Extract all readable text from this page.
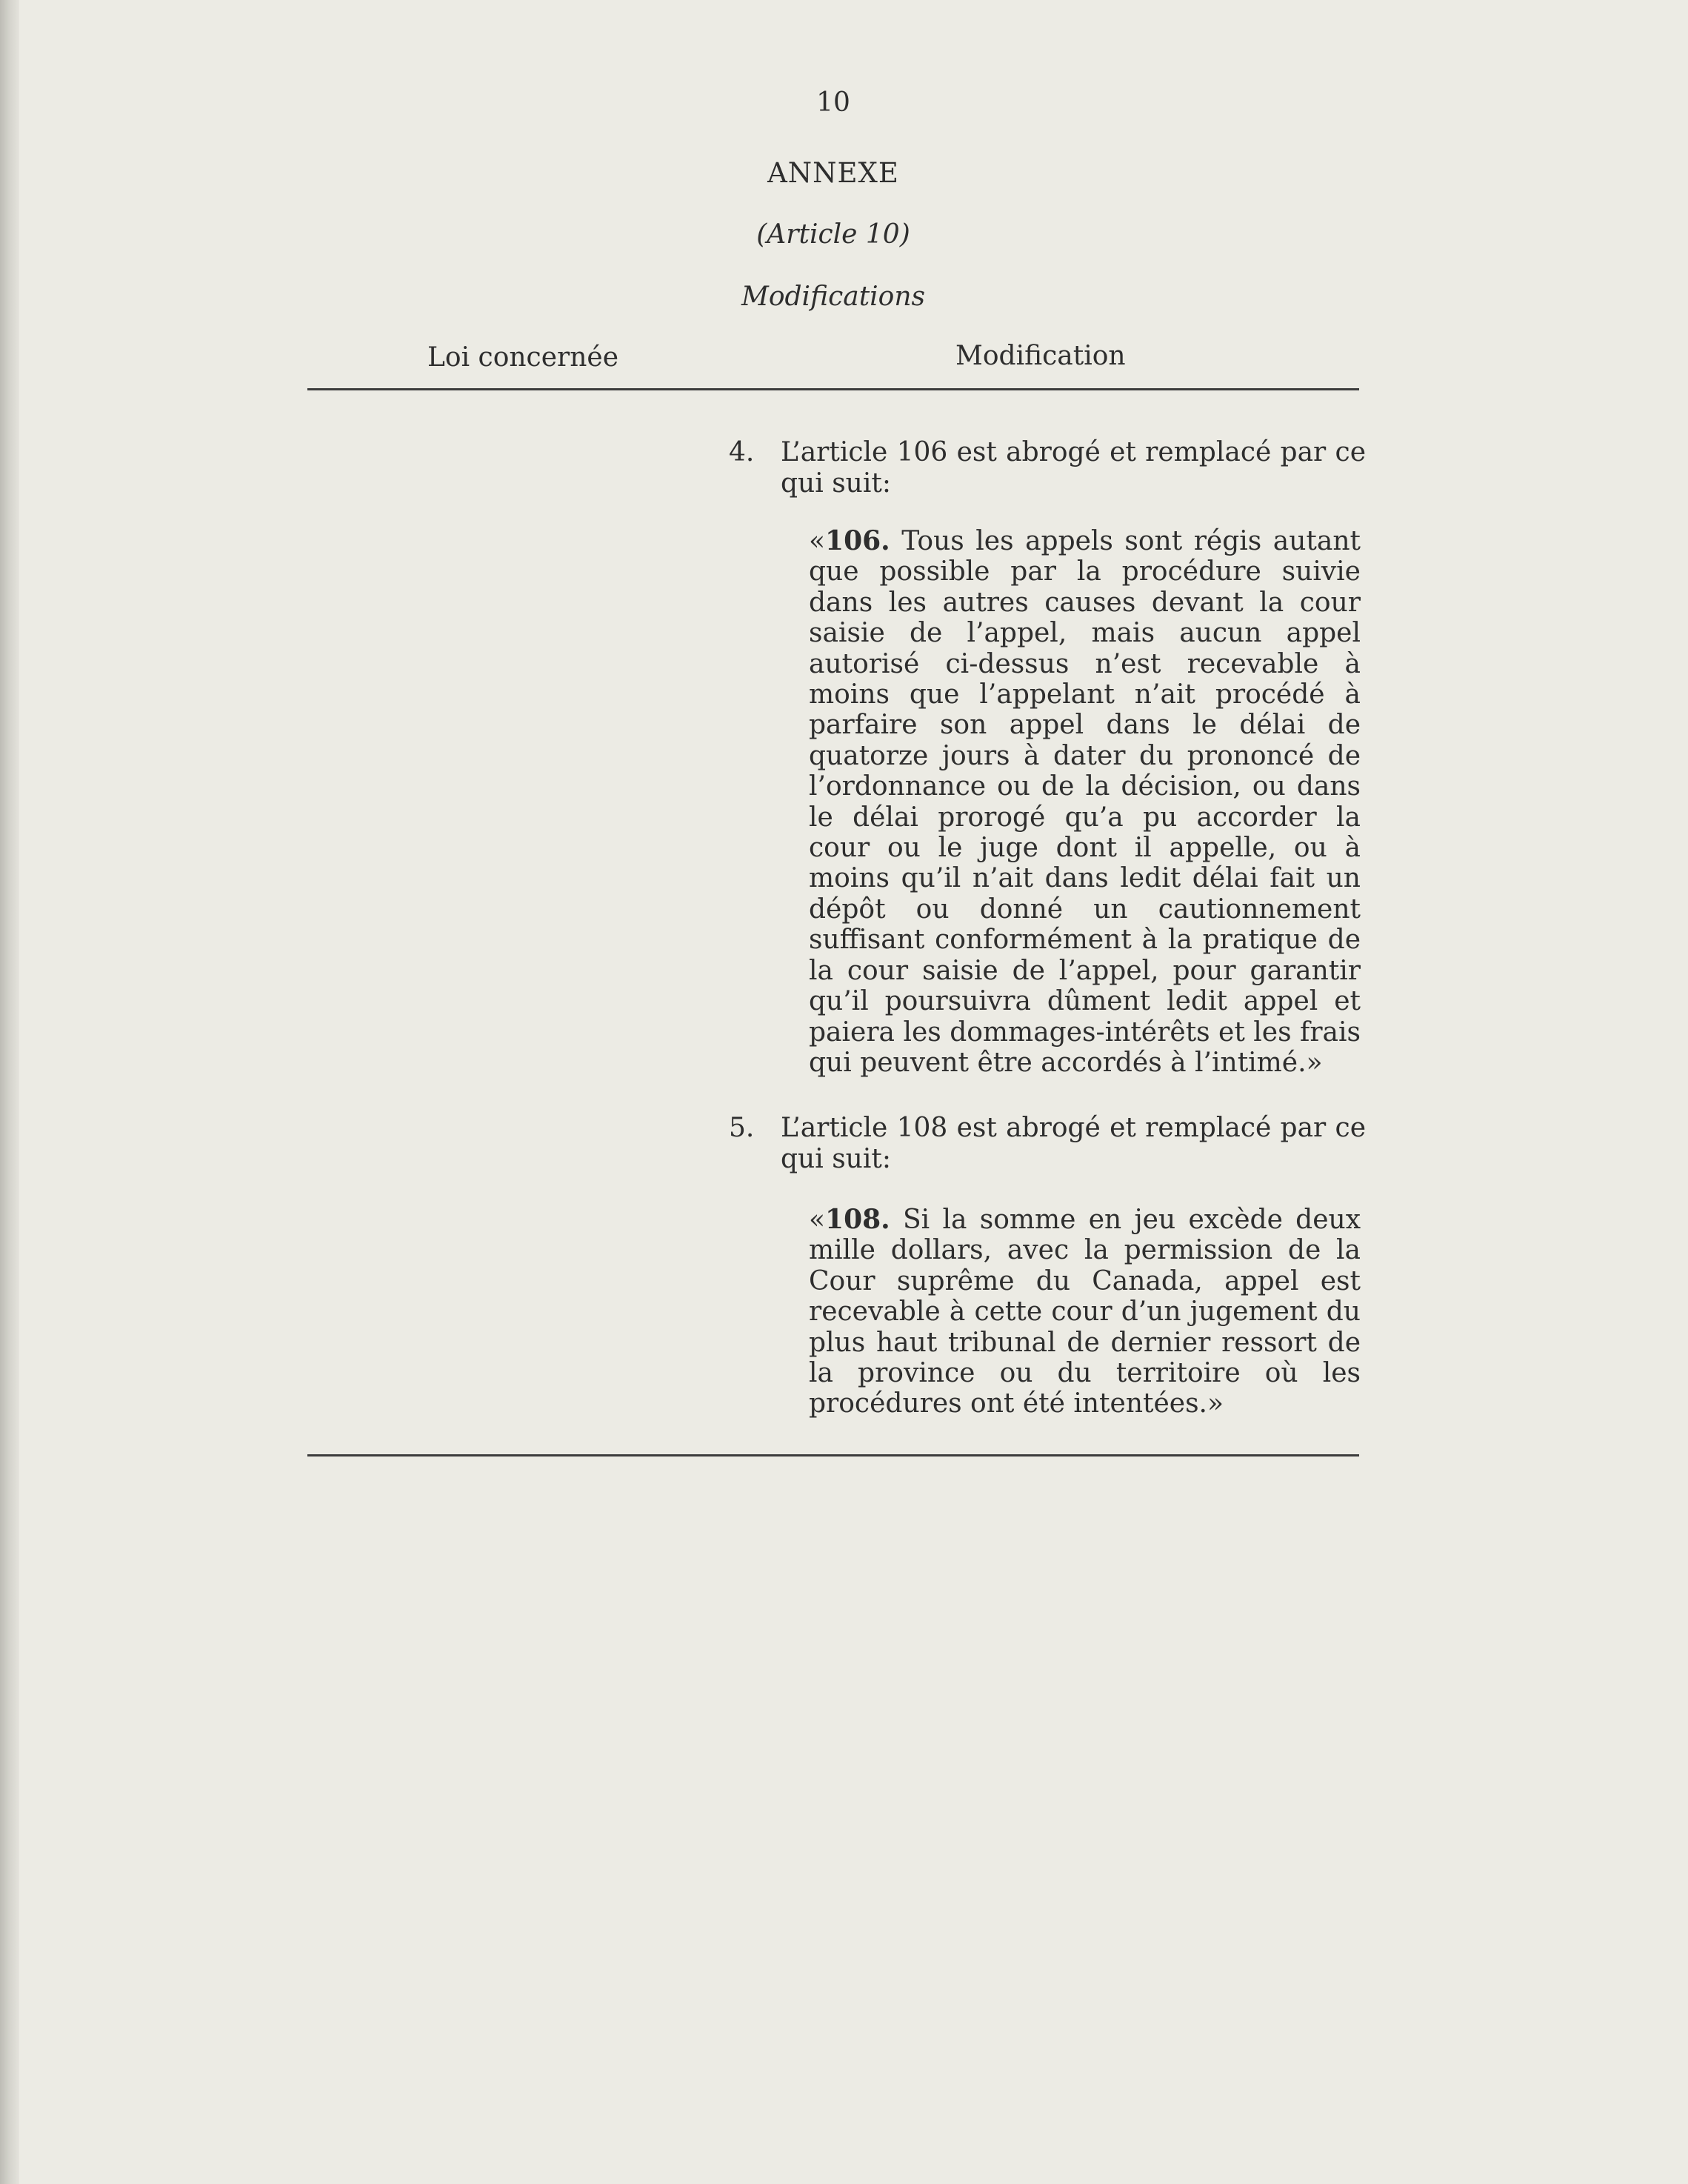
10
ANNEXE
(Article 10)
Modifications
Loi concernée	Modification
4. L’article 106 est abrogé et remplacé par ce qui suit:
«106. Tous les appels sont régis autant que possible par la procédure suivie dans les autres causes devant la cour saisie de l’appel, mais aucun appel autorisé ci-dessus n’est recevable à moins que l’appelant n’ait procédé à parfaire son appel dans le délai de quatorze jours à dater du prononcé de l’ordonnance ou de la décision, ou dans le délai prorogé qu’a pu accorder la cour ou le juge dont il appelle, ou à moins qu’il n’ait dans ledit délai fait un dépôt ou donné un cautionnement suffisant conformément à la pratique de la cour saisie de l’appel, pour garantir qu’il poursuivra dûment ledit appel et paiera les dommages-intérêts et les frais qui peuvent être accordés à l’intimé.»
5. L’article 108 est abrogé et remplacé par ce qui suit:
«108. Si la somme en jeu excède deux mille dollars, avec la permission de la Cour suprême du Canada, appel est recevable à cette cour d’un jugement du plus haut tribunal de dernier ressort de la province ou du territoire où les procédures ont été intentées.»
